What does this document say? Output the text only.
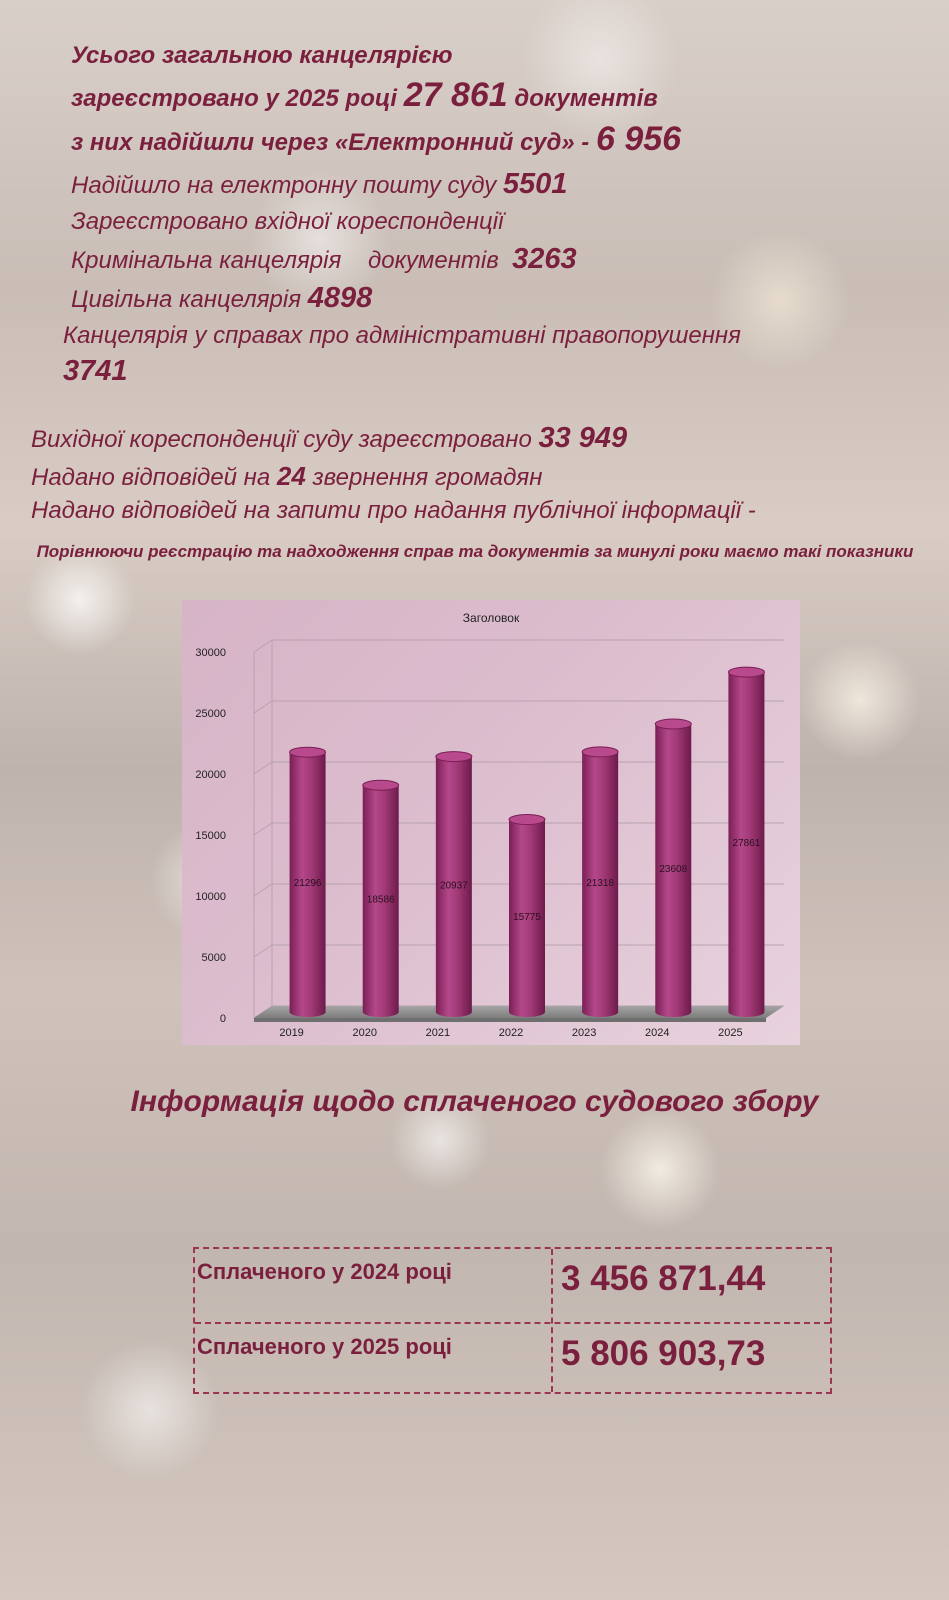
Усього загальною канцелярією
зареєстровано у 2025 році 27 861 документів
з них надійшли через «Електронний суд» - 6 956
Надійшло на електронну пошту суду 5501
Зареєстровано вхідної кореспонденції
Кримінальна канцелярія    документів 3263
Цивільна канцелярія 4898
Канцелярія у справах про адміністративні правопорушення
3741
Вихідної кореспонденції суду зареєстровано 33 949
Надано відповідей на 24 звернення громадян
Надано відповідей на запити про надання публічної інформації -
Порівнюючи реєстрацію та надходження справ та документів за минулі роки маємо такі показники
0
5000
10000
15000
20000
25000
30000
Заголовок
21296
2019
18586
2020
20937
2021
15775
2022
21318
2023
23608
2024
27861
2025
Інформація щодо сплаченого судового збору
Сплаченого у 2024 році	3 456 871,44
Сплаченого у 2025 році	5 806 903,73
